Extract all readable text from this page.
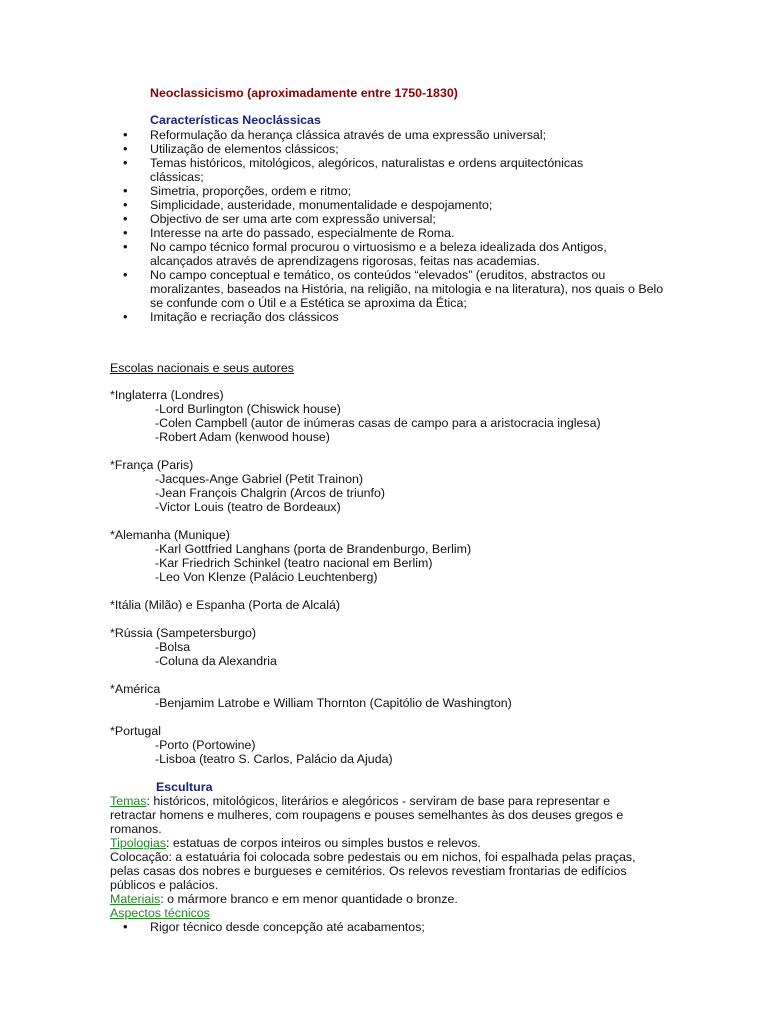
Neoclassicismo (aproximadamente entre 1750-1830)
Características Neoclássicas
• Reformulação da herança clássica através de uma expressão universal;
• Utilização de elementos clássicos;
• Temas históricos, mitológicos, alegóricos, naturalistas e ordens arquitectónicas clássicas;
• Simetria, proporções, ordem e ritmo;
• Simplicidade, austeridade, monumentalidade e despojamento;
• Objectivo de ser uma arte com expressão universal;
• Interesse na arte do passado, especialmente de Roma.
• No campo técnico formal procurou o virtuosismo e a beleza idealizada dos Antigos, alcançados através de aprendizagens rigorosas, feitas nas academias.
• No campo conceptual e temático, os conteúdos “elevados” (eruditos, abstractos ou moralizantes, baseados na História, na religião, na mitologia e na literatura), nos quais o Belo se confunde com o Útil e a Estética se aproxima da Ética;
• Imitação e recriação dos clássicos
Escolas nacionais e seus autores
*Inglaterra (Londres)
-Lord Burlington (Chiswick house)
-Colen Campbell (autor de inúmeras casas de campo para a aristocracia inglesa)
-Robert Adam (kenwood house)
*França (Paris)
-Jacques-Ange Gabriel (Petit Trainon)
-Jean François Chalgrin (Arcos de triunfo)
-Victor Louis (teatro de Bordeaux)
*Alemanha (Munique)
-Karl Gottfried Langhans (porta de Brandenburgo, Berlim)
-Kar Friedrich Schinkel (teatro nacional em Berlim)
-Leo Von Klenze (Palácio Leuchtenberg)
*Itália (Milão) e Espanha (Porta de Alcalá)
*Rússia (Sampetersburgo)
-Bolsa
-Coluna da Alexandria
*América
-Benjamim Latrobe e William Thornton (Capitólio de Washington)
*Portugal
-Porto (Portowine)
-Lisboa (teatro S. Carlos, Palácio da Ajuda)
Escultura
Temas: históricos, mitológicos, literários e alegóricos - serviram de base para representar e retractar homens e mulheres, com roupagens e pouses semelhantes às dos deuses gregos e romanos.
Tipologias: estatuas de corpos inteiros ou simples bustos e relevos.
Colocação: a estatuária foi colocada sobre pedestais ou em nichos, foi espalhada pelas praças, pelas casas dos nobres e burgueses e cemitérios. Os relevos revestiam frontarias de edifícios públicos e palácios.
Materiais: o mármore branco e em menor quantidade o bronze.
Aspectos técnicos
• Rigor técnico desde concepção até acabamentos;
